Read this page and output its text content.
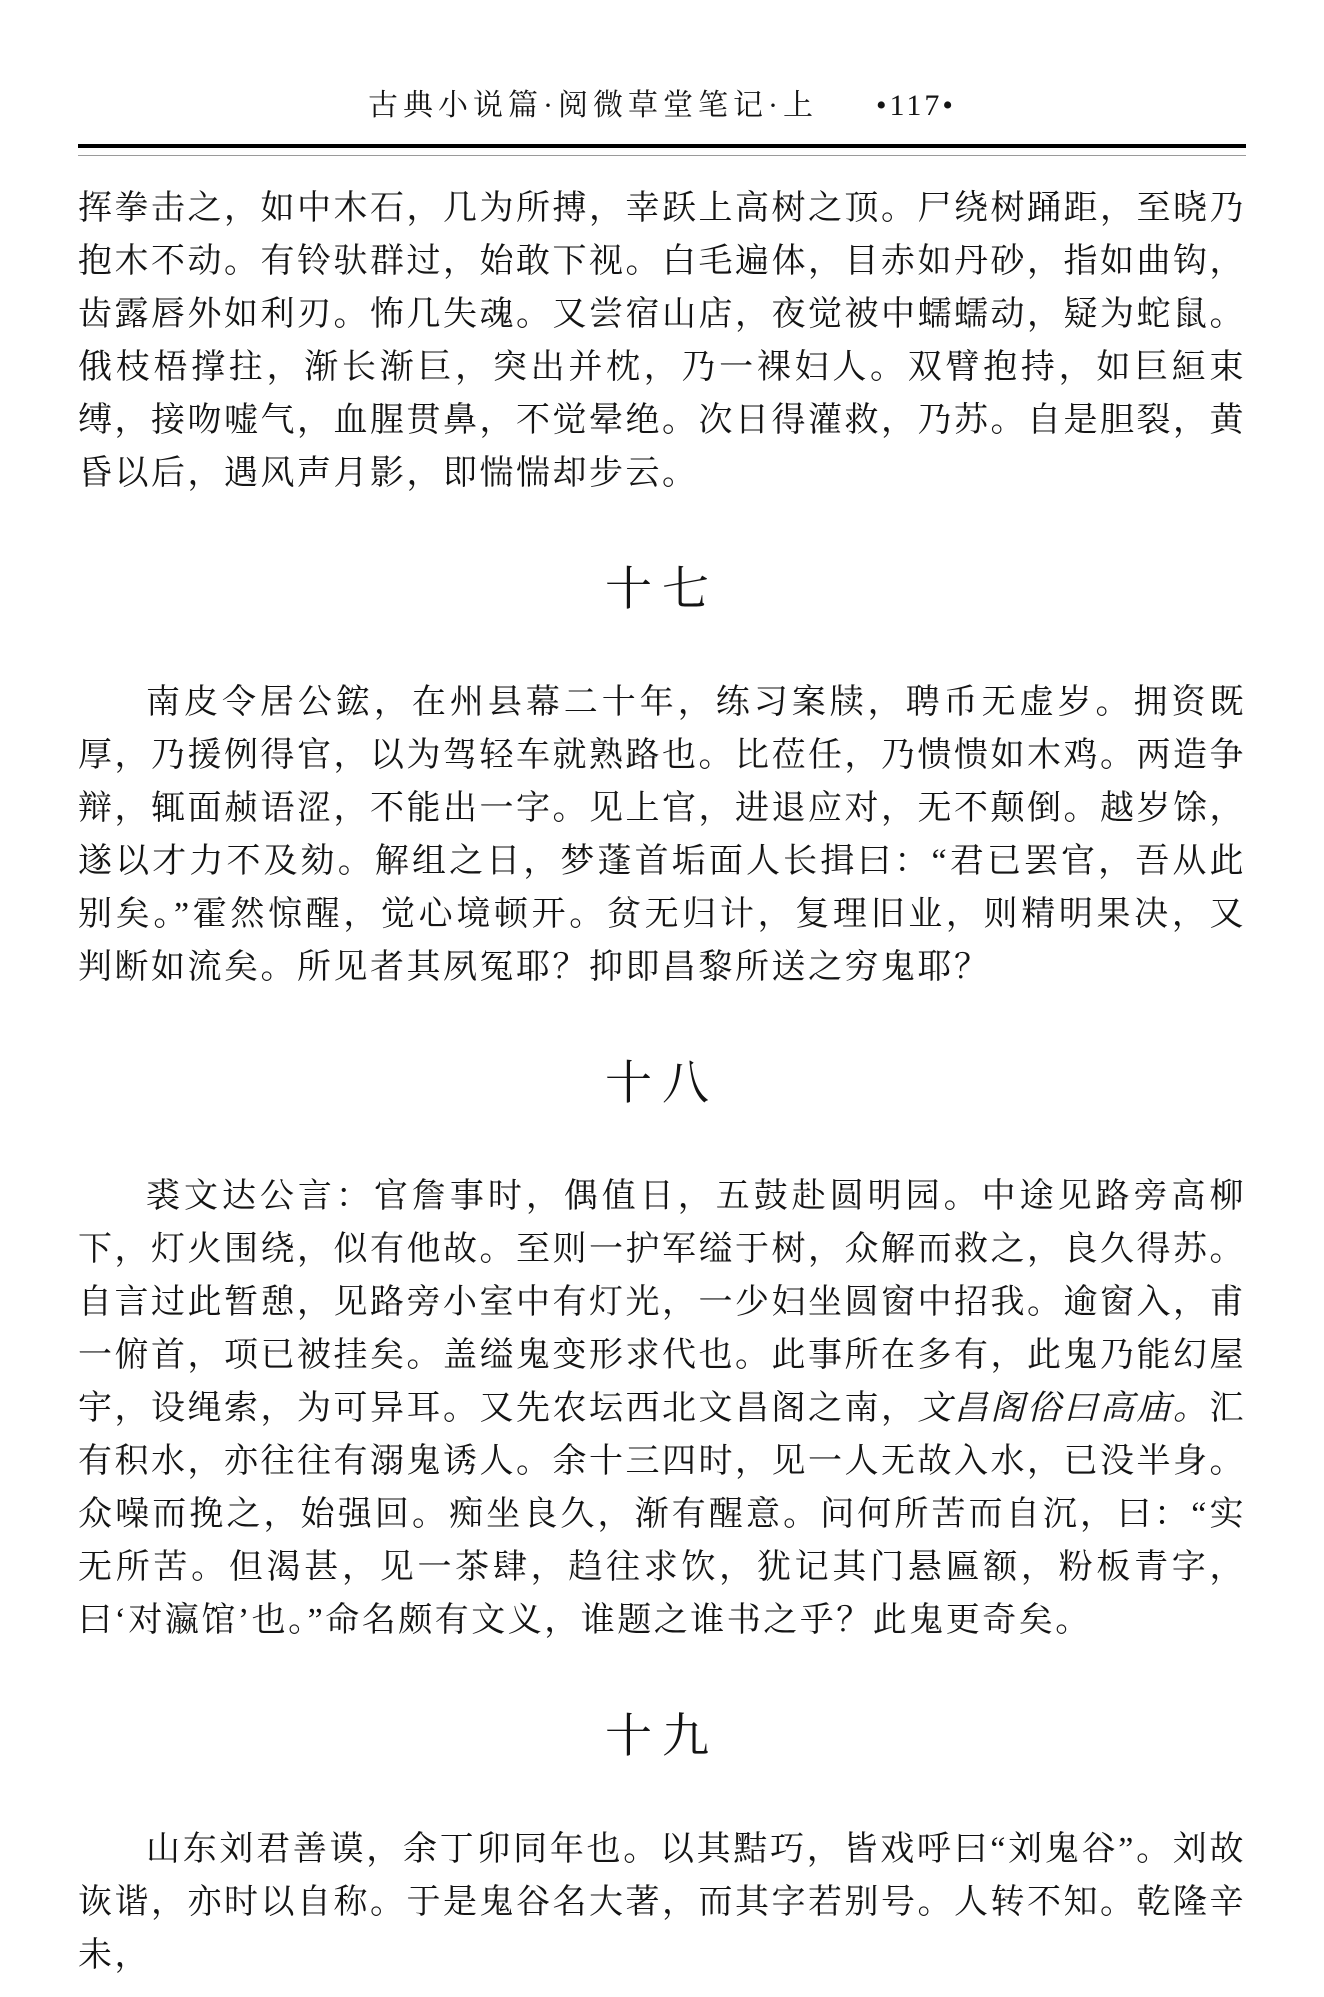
古典小说篇·阅微草堂笔记·上 •117•

挥拳击之，如中木石，几为所搏，幸跃上高树之顶。尸绕树踊距，至晓乃抱木不动。有铃驮群过，始敢下视。白毛遍体，目赤如丹砂，指如曲钩，齿露唇外如利刃。怖几失魂。又尝宿山店，夜觉被中蠕蠕动，疑为蛇鼠。俄枝梧撑拄，渐长渐巨，突出并枕，乃一裸妇人。双臂抱持，如巨絙束缚，接吻嘘气，血腥贯鼻，不觉晕绝。次日得灌救，乃苏。自是胆裂，黄昏以后，遇风声月影，即惴惴却步云。

十七

南皮令居公鋐，在州县幕二十年，练习案牍，聘币无虚岁。拥资既厚，乃援例得官，以为驾轻车就熟路也。比莅任，乃愦愦如木鸡。两造争辩，辄面赪语涩，不能出一字。见上官，进退应对，无不颠倒。越岁馀，遂以才力不及劾。解组之日，梦蓬首垢面人长揖曰：“君已罢官，吾从此别矣。”霍然惊醒，觉心境顿开。贫无归计，复理旧业，则精明果决，又判断如流矣。所见者其夙冤耶？抑即昌黎所送之穷鬼耶？

十八

裘文达公言：官詹事时，偶值日，五鼓赴圆明园。中途见路旁高柳下，灯火围绕，似有他故。至则一护军缢于树，众解而救之，良久得苏。自言过此暂憩，见路旁小室中有灯光，一少妇坐圆窗中招我。逾窗入，甫一俯首，项已被挂矣。盖缢鬼变形求代也。此事所在多有，此鬼乃能幻屋宇，设绳索，为可异耳。又先农坛西北文昌阁之南，文昌阁俗曰高庙。汇有积水，亦往往有溺鬼诱人。余十三四时，见一人无故入水，已没半身。众噪而挽之，始强回。痴坐良久，渐有醒意。问何所苦而自沉，曰：“实无所苦。但渴甚，见一茶肆，趋往求饮，犹记其门悬匾额，粉板青字，曰‘对瀛馆’也。”命名颇有文义，谁题之谁书之乎？此鬼更奇矣。

十九

山东刘君善谟，余丁卯同年也。以其黠巧，皆戏呼曰“刘鬼谷”。刘故诙谐，亦时以自称。于是鬼谷名大著，而其字若别号。人转不知。乾隆辛未，
